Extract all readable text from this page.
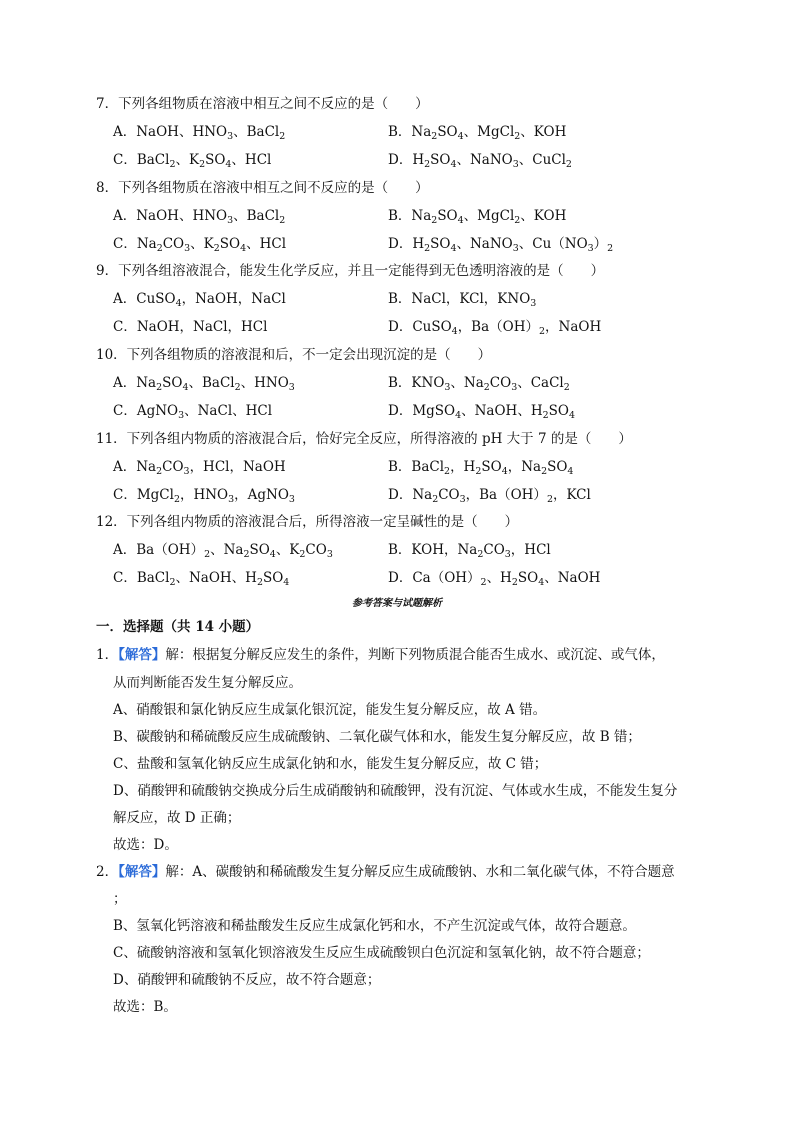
7．下列各组物质在溶液中相互之间不反应的是（　　）
A．NaOH、$HNO_3$、BaCl$_2$	B．$Na_2SO_4$、MgCl$_2$、KOH
C．BaCl$_2$、$K_2SO_4$、HCl	D．$H_2SO_4$、NaNO$_3$、CuCl$_2$
8．下列各组物质在溶液中相互之间不反应的是（　　）
A．NaOH、$HNO_3$、BaCl$_2$	B．$Na_2SO_4$、MgCl$_2$、KOH
C．$Na_2CO_3$、$K_2SO_4$、HCl	D．$H_2SO_4$、NaNO$_3$、$Cu(NO_3)_2$
9．下列各组溶液混合，能发生化学反应，并且一定能得到无色透明溶液的是（　　）
A．CuSO$_4$，NaOH，NaCl	B．NaCl，KCl，$KNO_3$
C．NaOH，NaCl，HCl	D．CuSO$_4$，$Ba(OH)_2$，NaOH
10．下列各组物质的溶液混和后，不一定会出现沉淀的是（　　）
A．$Na_2SO_4$、BaCl$_2$、$HNO_3$	B．$KNO_3$、$Na_2CO_3$、CaCl$_2$
C．AgNO$_3$、NaCl、HCl	D．MgSO$_4$、NaOH、$H_2SO_4$
11．下列各组内物质的溶液混合后，恰好完全反应，所得溶液的 pH 大于 7 的是（　　）
A．$Na_2CO_3$，HCl，NaOH	B．BaCl$_2$，$H_2SO_4$，$Na_2SO_4$
C．MgCl$_2$，$HNO_3$，AgNO$_3$	D．$Na_2CO_3$，$Ba(OH)_2$，KCl
12．下列各组内物质的溶液混合后，所得溶液一定呈碱性的是（　　）
A．$Ba(OH)_2$、$Na_2SO_4$、$K_2CO_3$	B．KOH，$Na_2CO_3$，HCl
C．BaCl$_2$、NaOH、$H_2SO_4$	D．$Ca(OH)_2$、$H_2SO_4$、NaOH
参考答案与试题解析
一．选择题（共 14 小题）
1．【解答】解：根据复分解反应发生的条件，判断下列物质混合能否生成水、或沉淀、或气体，
从而判断能否发生复分解反应。
A、硝酸银和氯化钠反应生成氯化银沉淀，能发生复分解反应，故 A 错。
B、碳酸钠和稀硫酸反应生成硫酸钠、二氧化碳气体和水，能发生复分解反应，故 B 错；
C、盐酸和氢氧化钠反应生成氯化钠和水，能发生复分解反应，故 C 错；
D、硝酸钾和硫酸钠交换成分后生成硝酸钠和硫酸钾，没有沉淀、气体或水生成，不能发生复分
解反应，故 D 正确；
故选：D。
2．【解答】解：A、碳酸钠和稀硫酸发生复分解反应生成硫酸钠、水和二氧化碳气体，不符合题意
；
B、氢氧化钙溶液和稀盐酸发生反应生成氯化钙和水，不产生沉淀或气体，故符合题意。
C、硫酸钠溶液和氢氧化钡溶液发生反应生成硫酸钡白色沉淀和氢氧化钠，故不符合题意；
D、硝酸钾和硫酸钠不反应，故不符合题意；
故选：B。
